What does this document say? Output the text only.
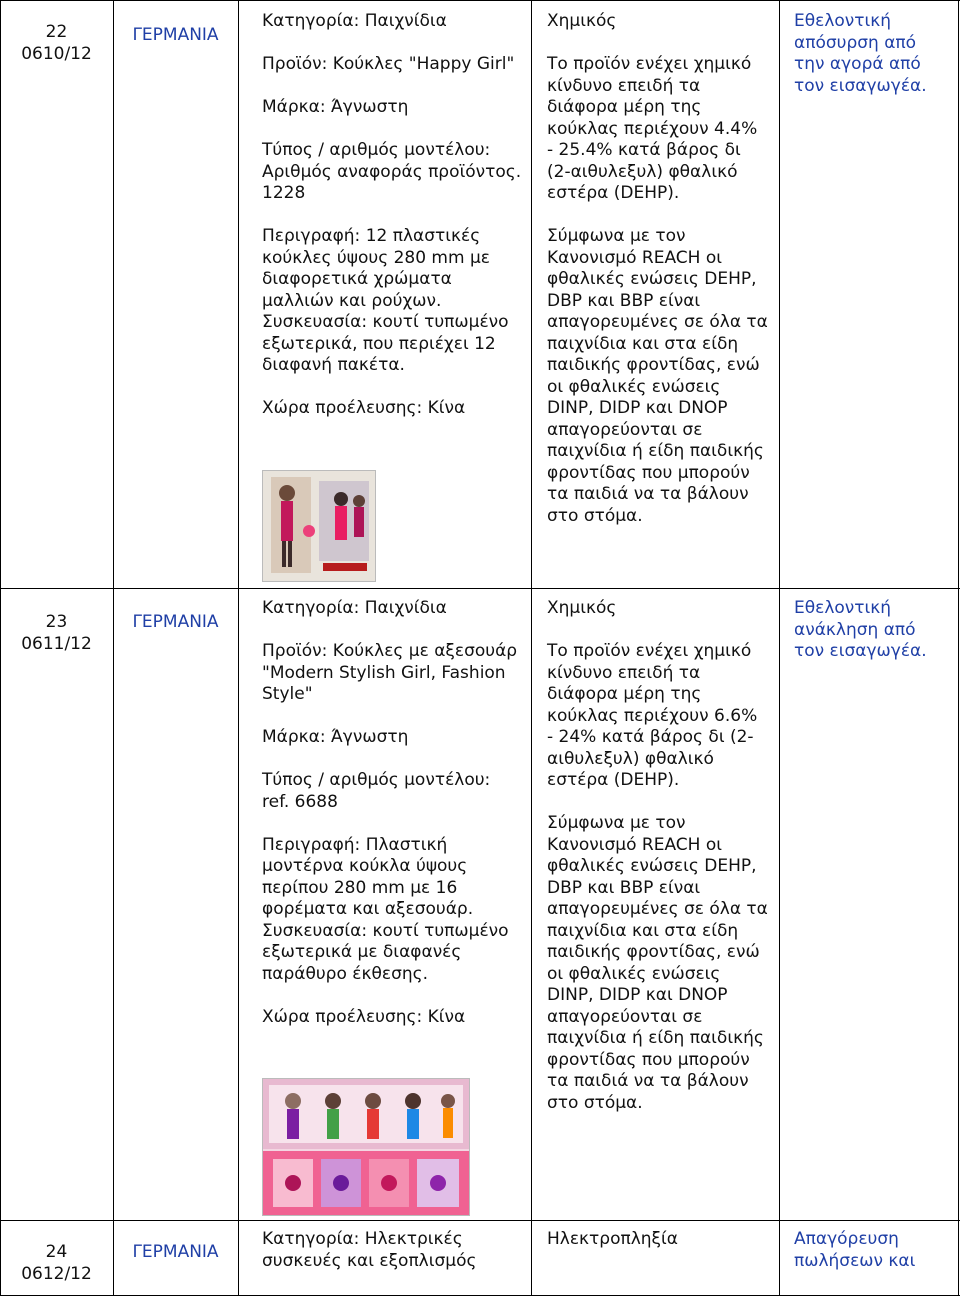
22
0610/12
ΓΕΡΜΑΝΙΑ
Κατηγορία: Παιχνίδια
Προϊόν: Κούκλες "Happy Girl"
Μάρκα: Άγνωστη
Τύπος / αριθμός μοντέλου:
Αριθμός αναφοράς προϊόντος.
1228
Περιγραφή: 12 πλαστικές
κούκλες ύψους 280 mm με
διαφορετικά χρώματα
μαλλιών και ρούχων.
Συσκευασία: κουτί τυπωμένο
εξωτερικά, που περιέχει 12
διαφανή πακέτα.
Χώρα προέλευσης: Κίνα
Χημικός
Το προϊόν ενέχει χημικό
κίνδυνο επειδή τα
διάφορα μέρη της
κούκλας περιέχουν 4.4%
- 25.4% κατά βάρος δι
(2-αιθυλεξυλ) φθαλικό
εστέρα (DEHP).
Σύμφωνα με τον
Κανονισμό REACH οι
φθαλικές ενώσεις DEHP,
DBP και BBP είναι
απαγορευμένες σε όλα τα
παιχνίδια και στα είδη
παιδικής φροντίδας, ενώ
οι φθαλικές ενώσεις
DINP, DIDP και DNOP
απαγορεύονται σε
παιχνίδια ή είδη παιδικής
φροντίδας που μπορούν
τα παιδιά να τα βάλουν
στο στόμα.
Εθελοντική
απόσυρση από
την αγορά από
τον εισαγωγέα.
23
0611/12
ΓΕΡΜΑΝΙΑ
Κατηγορία: Παιχνίδια
Προϊόν: Κούκλες με αξεσουάρ
"Modern Stylish Girl, Fashion
Style"
Μάρκα: Άγνωστη
Τύπος / αριθμός μοντέλου:
ref. 6688
Περιγραφή: Πλαστική
μοντέρνα κούκλα ύψους
περίπου 280 mm με 16
φορέματα και αξεσουάρ.
Συσκευασία: κουτί τυπωμένο
εξωτερικά με διαφανές
παράθυρο έκθεσης.
Χώρα προέλευσης: Κίνα
Χημικός
Το προϊόν ενέχει χημικό
κίνδυνο επειδή τα
διάφορα μέρη της
κούκλας περιέχουν 6.6%
- 24% κατά βάρος δι (2-
αιθυλεξυλ) φθαλικό
εστέρα (DEHP).
Σύμφωνα με τον
Κανονισμό REACH οι
φθαλικές ενώσεις DEHP,
DBP και BBP είναι
απαγορευμένες σε όλα τα
παιχνίδια και στα είδη
παιδικής φροντίδας, ενώ
οι φθαλικές ενώσεις
DINP, DIDP και DNOP
απαγορεύονται σε
παιχνίδια ή είδη παιδικής
φροντίδας που μπορούν
τα παιδιά να τα βάλουν
στο στόμα.
Εθελοντική
ανάκληση από
τον εισαγωγέα.
24
0612/12
ΓΕΡΜΑΝΙΑ
Κατηγορία: Ηλεκτρικές
συσκευές και εξοπλισμός
Ηλεκτροπληξία	Απαγόρευση
πωλήσεων και
